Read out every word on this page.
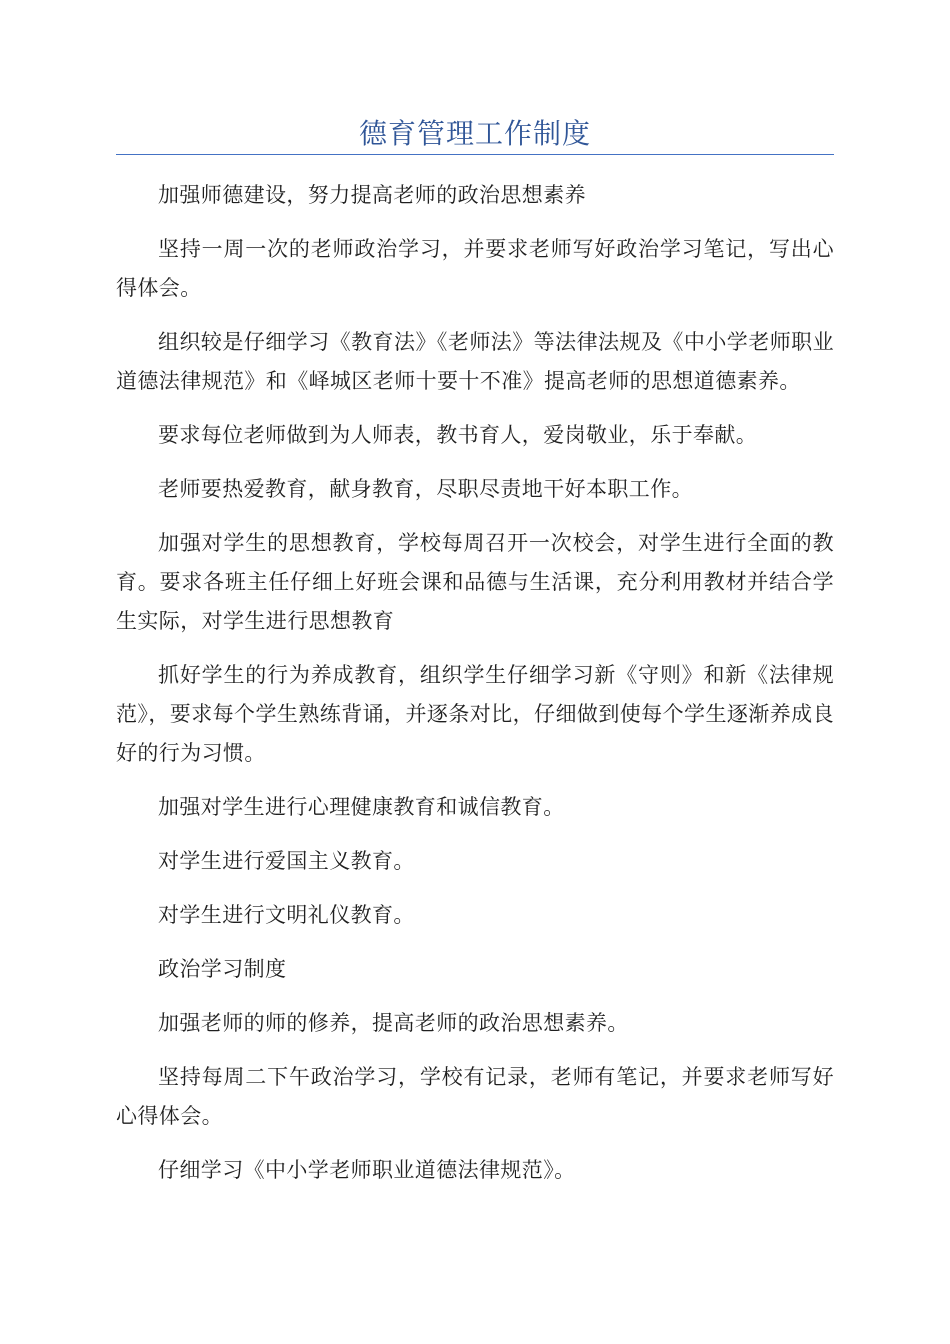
德育管理工作制度

加强师德建设，努力提高老师的政治思想素养

坚持一周一次的老师政治学习，并要求老师写好政治学习笔记，写出心得体会。

组织较是仔细学习《教育法》《老师法》等法律法规及《中小学老师职业道德法律规范》和《峄城区老师十要十不准》提高老师的思想道德素养。

要求每位老师做到为人师表，教书育人，爱岗敬业，乐于奉献。

老师要热爱教育，献身教育，尽职尽责地干好本职工作。

加强对学生的思想教育，学校每周召开一次校会，对学生进行全面的教育。要求各班主任仔细上好班会课和品德与生活课，充分利用教材并结合学生实际，对学生进行思想教育

抓好学生的行为养成教育，组织学生仔细学习新《守则》和新《法律规范》，要求每个学生熟练背诵，并逐条对比，仔细做到使每个学生逐渐养成良好的行为习惯。

加强对学生进行心理健康教育和诚信教育。

对学生进行爱国主义教育。

对学生进行文明礼仪教育。

政治学习制度

加强老师的师的修养，提高老师的政治思想素养。

坚持每周二下午政治学习，学校有记录，老师有笔记，并要求老师写好心得体会。

仔细学习《中小学老师职业道德法律规范》。
